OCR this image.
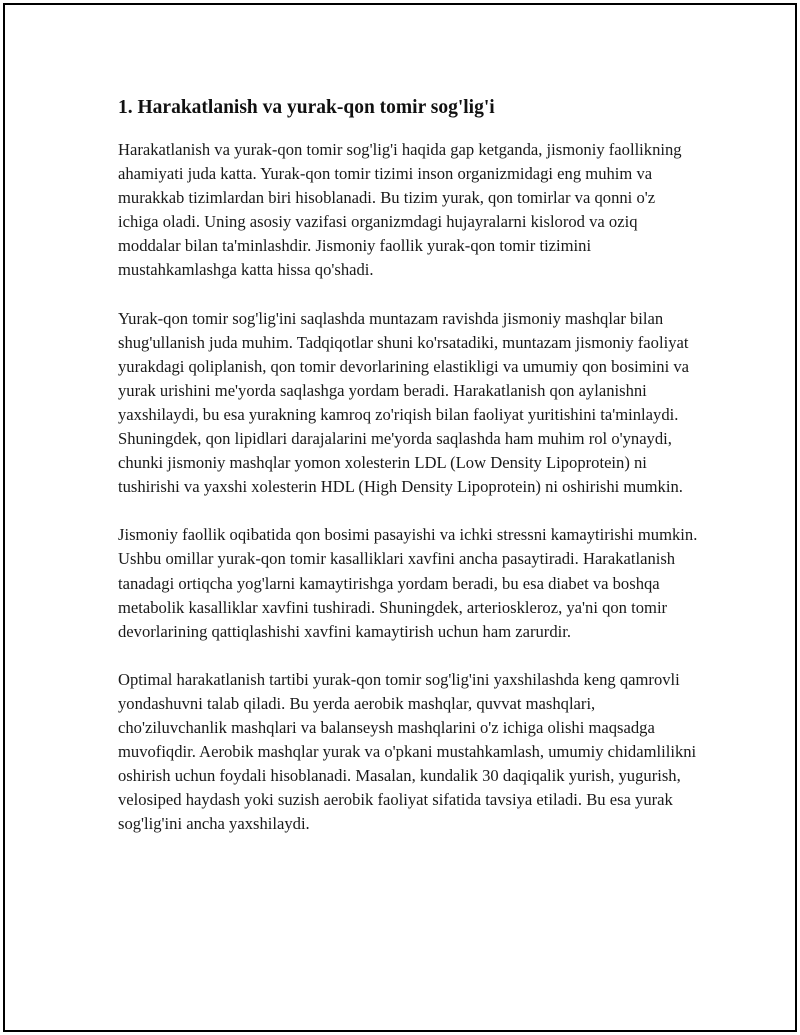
1. Harakatlanish va yurak-qon tomir sog'lig'i

Harakatlanish va yurak-qon tomir sog'lig'i haqida gap ketganda, jismoniy faollikning ahamiyati juda katta. Yurak-qon tomir tizimi inson organizmidagi eng muhim va murakkab tizimlardan biri hisoblanadi. Bu tizim yurak, qon tomirlar va qonni o'z ichiga oladi. Uning asosiy vazifasi organizmdagi hujayralarni kislorod va oziq moddalar bilan ta'minlashdir. Jismoniy faollik yurak-qon tomir tizimini mustahkamlashga katta hissa qo'shadi.

Yurak-qon tomir sog'lig'ini saqlashda muntazam ravishda jismoniy mashqlar bilan shug'ullanish juda muhim. Tadqiqotlar shuni ko'rsatadiki, muntazam jismoniy faoliyat yurakdagi qoliplanish, qon tomir devorlarining elastikligi va umumiy qon bosimini va yurak urishini me'yorda saqlashga yordam beradi. Harakatlanish qon aylanishni yaxshilaydi, bu esa yurakning kamroq zo'riqish bilan faoliyat yuritishini ta'minlaydi. Shuningdek, qon lipidlari darajalarini me'yorda saqlashda ham muhim rol o'ynaydi, chunki jismoniy mashqlar yomon xolesterin LDL (Low Density Lipoprotein) ni tushirishi va yaxshi xolesterin HDL (High Density Lipoprotein) ni oshirishi mumkin.

Jismoniy faollik oqibatida qon bosimi pasayishi va ichki stressni kamaytirishi mumkin. Ushbu omillar yurak-qon tomir kasalliklari xavfini ancha pasaytiradi. Harakatlanish tanadagi ortiqcha yog'larni kamaytirishga yordam beradi, bu esa diabet va boshqa metabolik kasalliklar xavfini tushiradi. Shuningdek, arterioskleroz, ya'ni qon tomir devorlarining qattiqlashishi xavfini kamaytirish uchun ham zarurdir.

Optimal harakatlanish tartibi yurak-qon tomir sog'lig'ini yaxshilashda keng qamrovli yondashuvni talab qiladi. Bu yerda aerobik mashqlar, quvvat mashqlari, cho'ziluvchanlik mashqlari va balanseysh mashqlarini o'z ichiga olishi maqsadga muvofiqdir. Aerobik mashqlar yurak va o'pkani mustahkamlash, umumiy chidamlilikni oshirish uchun foydali hisoblanadi. Masalan, kundalik 30 daqiqalik yurish, yugurish, velosiped haydash yoki suzish aerobik faoliyat sifatida tavsiya etiladi. Bu esa yurak sog'lig'ini ancha yaxshilaydi.
